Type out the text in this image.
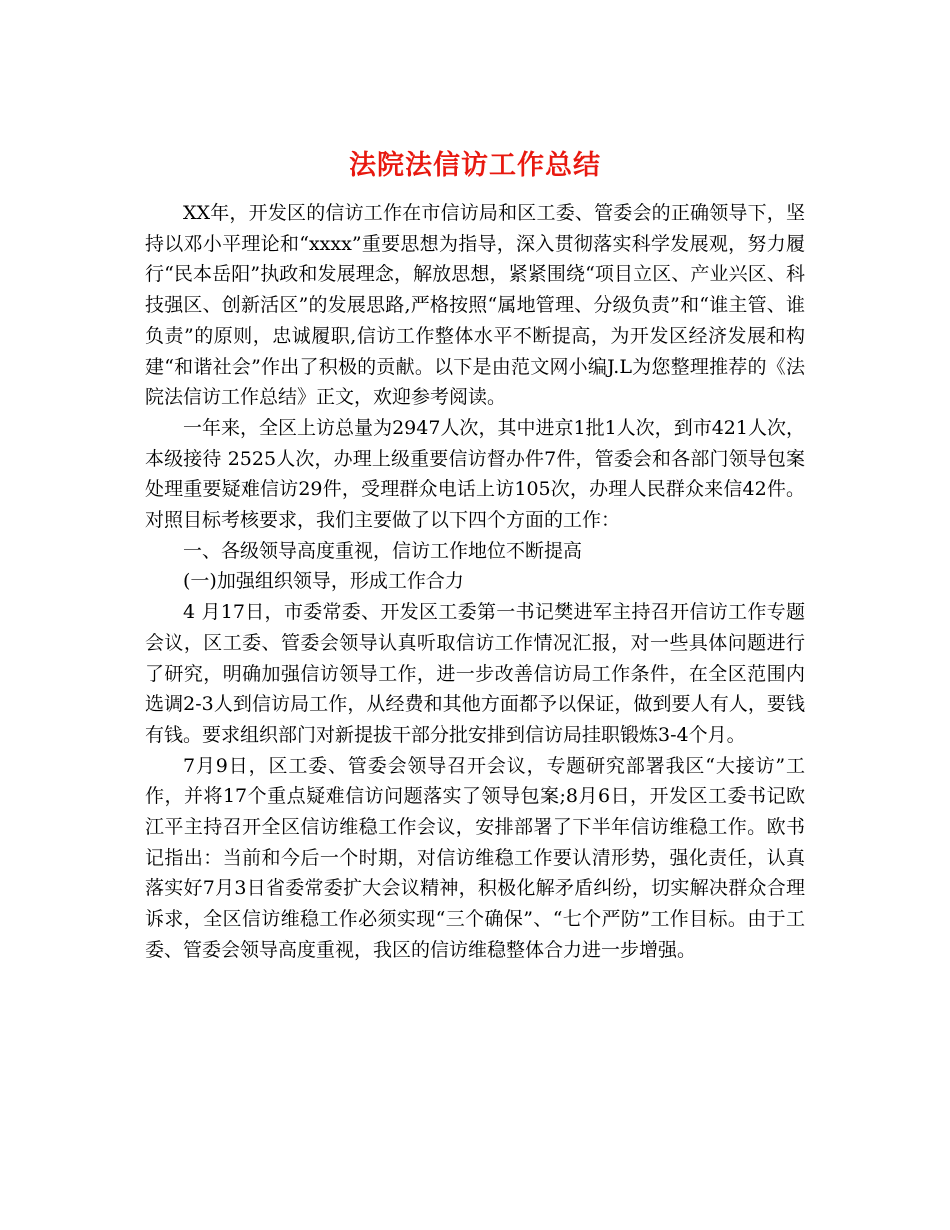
法院法信访工作总结

XX年，开发区的信访工作在市信访局和区工委、管委会的正确领导下，坚持以邓小平理论和“xxxx”重要思想为指导，深入贯彻落实科学发展观，努力履行“民本岳阳”执政和发展理念，解放思想，紧紧围绕“项目立区、产业兴区、科技强区、创新活区”的发展思路,严格按照“属地管理、分级负责”和“谁主管、谁负责”的原则，忠诚履职,信访工作整体水平不断提高，为开发区经济发展和构建“和谐社会”作出了积极的贡献。以下是由范文网小编J.L为您整理推荐的《法院法信访工作总结》正文，欢迎参考阅读。

一年来，全区上访总量为2947人次，其中进京1批1人次，到市421人次，本级接待 2525人次，办理上级重要信访督办件7件，管委会和各部门领导包案处理重要疑难信访29件，受理群众电话上访105次，办理人民群众来信42件。对照目标考核要求，我们主要做了以下四个方面的工作：

一、各级领导高度重视，信访工作地位不断提高

(一)加强组织领导，形成工作合力

4 月17日，市委常委、开发区工委第一书记樊进军主持召开信访工作专题会议，区工委、管委会领导认真听取信访工作情况汇报，对一些具体问题进行了研究，明确加强信访领导工作，进一步改善信访局工作条件，在全区范围内选调2-3人到信访局工作，从经费和其他方面都予以保证，做到要人有人，要钱有钱。要求组织部门对新提拔干部分批安排到信访局挂职锻炼3-4个月。

7月9日，区工委、管委会领导召开会议，专题研究部署我区“大接访”工作，并将17个重点疑难信访问题落实了领导包案;8月6日，开发区工委书记欧江平主持召开全区信访维稳工作会议，安排部署了下半年信访维稳工作。欧书记指出：当前和今后一个时期，对信访维稳工作要认清形势，强化责任，认真落实好7月3日省委常委扩大会议精神，积极化解矛盾纠纷，切实解决群众合理诉求，全区信访维稳工作必须实现“三个确保”、“七个严防”工作目标。由于工委、管委会领导高度重视，我区的信访维稳整体合力进一步增强。
